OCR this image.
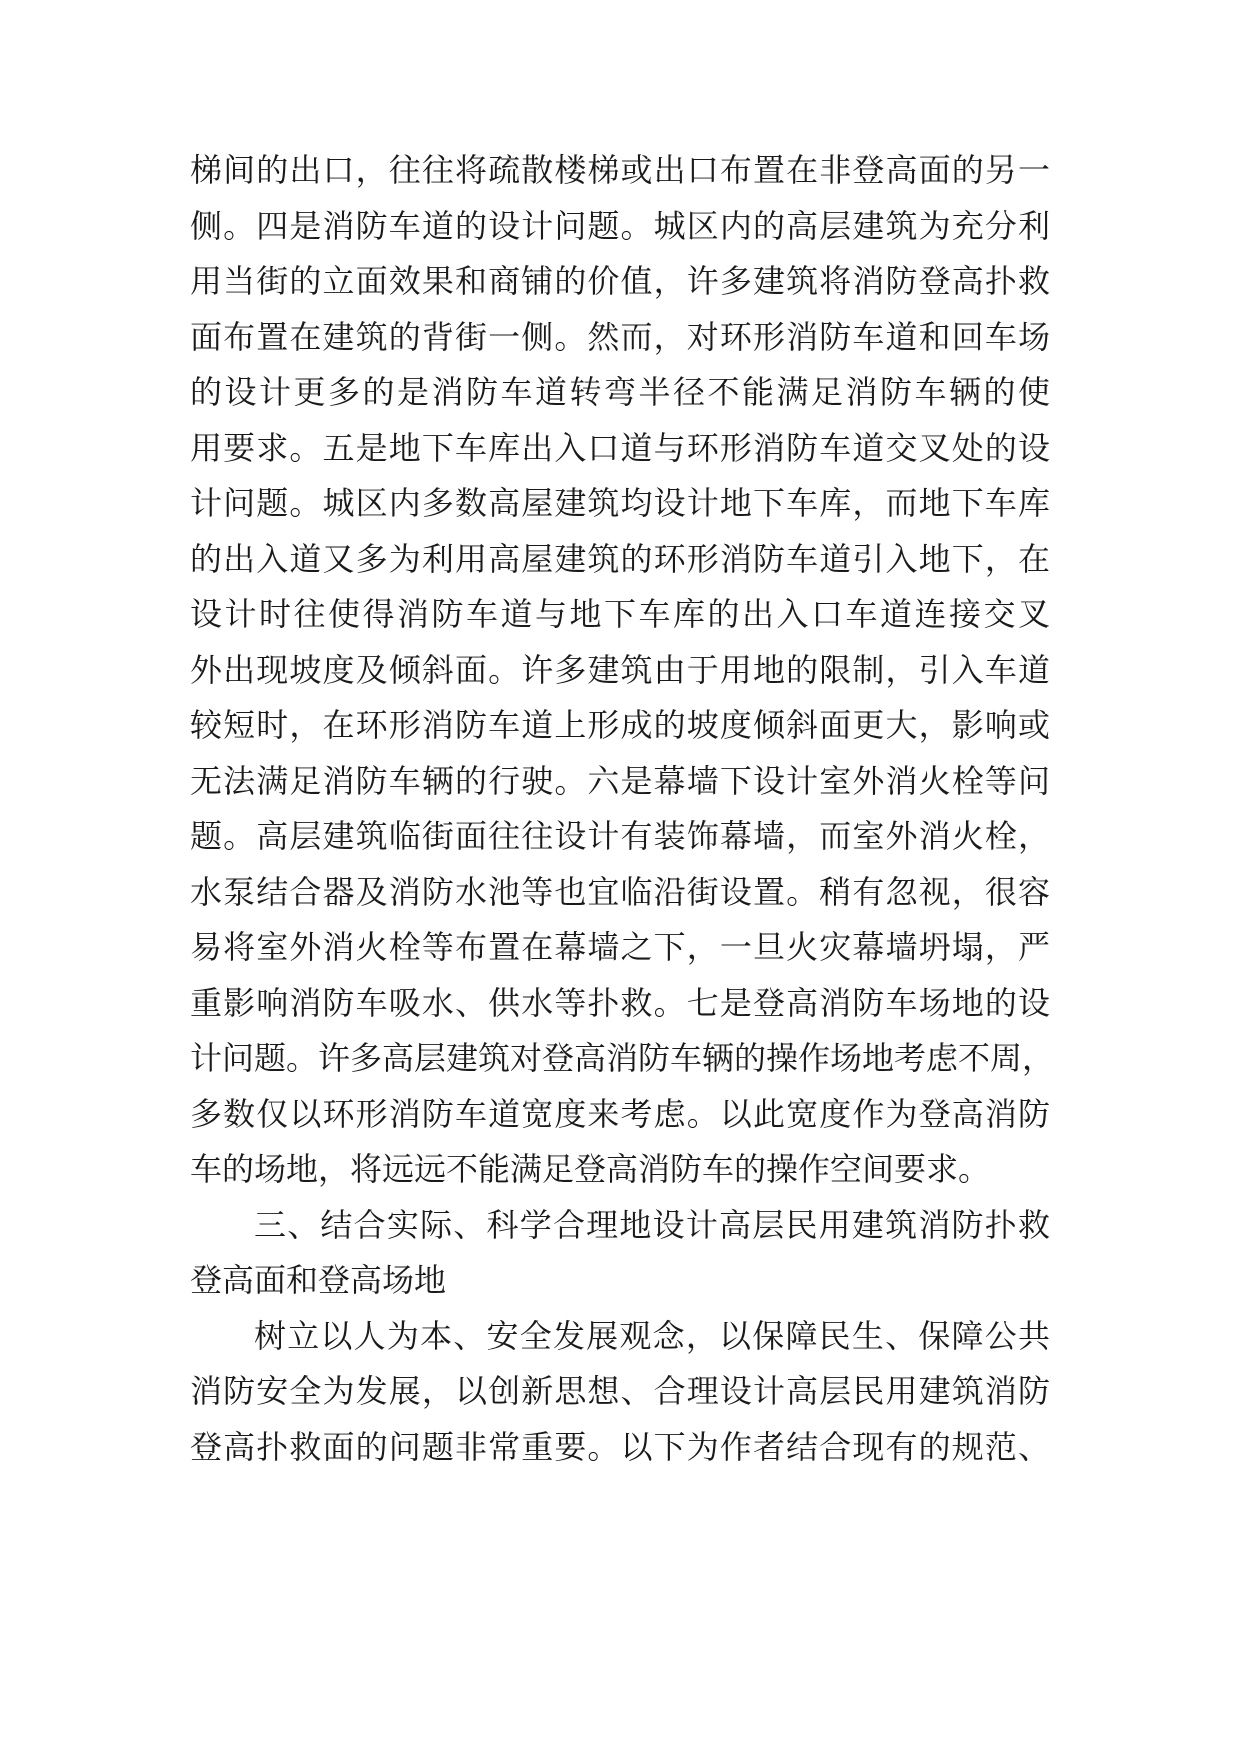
梯间的出口，往往将疏散楼梯或出口布置在非登高面的另一
侧。四是消防车道的设计问题。城区内的高层建筑为充分利
用当街的立面效果和商铺的价值，许多建筑将消防登高扑救
面布置在建筑的背街一侧。然而，对环形消防车道和回车场
的设计更多的是消防车道转弯半径不能满足消防车辆的使
用要求。五是地下车库出入口道与环形消防车道交叉处的设
计问题。城区内多数高屋建筑均设计地下车库，而地下车库
的出入道又多为利用高屋建筑的环形消防车道引入地下，在
设计时往使得消防车道与地下车库的出入口车道连接交叉
外出现坡度及倾斜面。许多建筑由于用地的限制，引入车道
较短时，在环形消防车道上形成的坡度倾斜面更大，影响或
无法满足消防车辆的行驶。六是幕墙下设计室外消火栓等问
题。高层建筑临街面往往设计有装饰幕墙，而室外消火栓，
水泵结合器及消防水池等也宜临沿街设置。稍有忽视，很容
易将室外消火栓等布置在幕墙之下，一旦火灾幕墙坍塌，严
重影响消防车吸水、供水等扑救。七是登高消防车场地的设
计问题。许多高层建筑对登高消防车辆的操作场地考虑不周，
多数仅以环形消防车道宽度来考虑。以此宽度作为登高消防
车的场地，将远远不能满足登高消防车的操作空间要求。
三、结合实际、科学合理地设计高层民用建筑消防扑救
登高面和登高场地
树立以人为本、安全发展观念，以保障民生、保障公共
消防安全为发展，以创新思想、合理设计高层民用建筑消防
登高扑救面的问题非常重要。以下为作者结合现有的规范、
